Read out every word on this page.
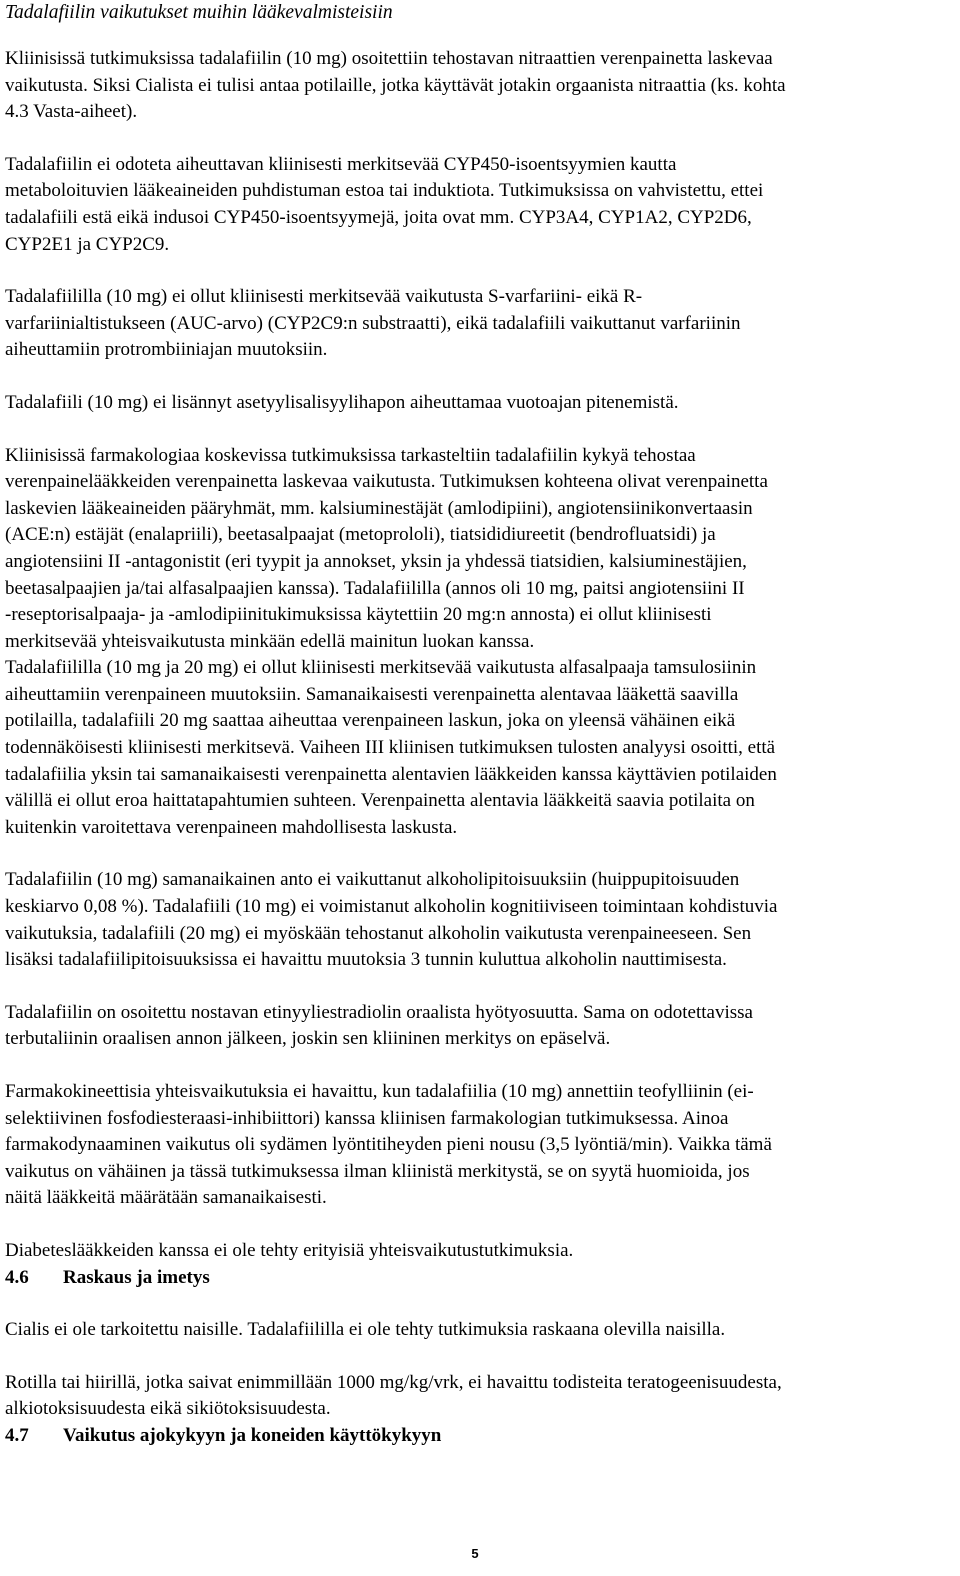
Tadalafiilin vaikutukset muihin lääkevalmisteisiin

Kliinisissä tutkimuksissa tadalafiilin (10 mg) osoitettiin tehostavan nitraattien verenpainetta laskevaa
vaikutusta. Siksi Cialista ei tulisi antaa potilaille, jotka käyttävät jotakin orgaanista nitraattia (ks. kohta
4.3 Vasta-aiheet).

Tadalafiilin ei odoteta aiheuttavan kliinisesti merkitsevää CYP450-isoentsyymien kautta
metaboloituvien lääkeaineiden puhdistuman estoa tai induktiota. Tutkimuksissa on vahvistettu, ettei
tadalafiili estä eikä indusoi CYP450-isoentsyymejä, joita ovat mm. CYP3A4, CYP1A2, CYP2D6,
CYP2E1 ja CYP2C9.

Tadalafiililla (10 mg) ei ollut kliinisesti merkitsevää vaikutusta S-varfariini- eikä R-
varfariinialtistukseen (AUC-arvo) (CYP2C9:n substraatti), eikä tadalafiili vaikuttanut varfariinin
aiheuttamiin protrombiiniajan muutoksiin.

Tadalafiili (10 mg) ei lisännyt asetyylisalisyylihapon aiheuttamaa vuotoajan pitenemistä.

Kliinisissä farmakologiaa koskevissa tutkimuksissa tarkasteltiin tadalafiilin kykyä tehostaa
verenpainelääkkeiden verenpainetta laskevaa vaikutusta. Tutkimuksen kohteena olivat verenpainetta
laskevien lääkeaineiden pääryhmät, mm. kalsiuminestäjät (amlodipiini), angiotensiinikonvertaasin
(ACE:n) estäjät (enalapriili), beetasalpaajat (metoprololi), tiatsididiureetit (bendrofluatsidi) ja
angiotensiini II -antagonistit (eri tyypit ja annokset, yksin ja yhdessä tiatsidien, kalsiuminestäjien,
beetasalpaajien ja/tai alfasalpaajien kanssa). Tadalafiililla (annos oli 10 mg, paitsi angiotensiini II
-reseptorisalpaaja- ja -amlodipiinitukimuksissa käytettiin 20 mg:n annosta) ei ollut kliinisesti
merkitsevää yhteisvaikutusta minkään edellä mainitun luokan kanssa.

Tadalafiililla (10 mg ja 20 mg) ei ollut kliinisesti merkitsevää vaikutusta alfasalpaaja tamsulosiinin
aiheuttamiin verenpaineen muutoksiin. Samanaikaisesti verenpainetta alentavaa lääkettä saavilla
potilailla, tadalafiili 20 mg saattaa aiheuttaa verenpaineen laskun, joka on yleensä vähäinen eikä
todennäköisesti kliinisesti merkitsevä. Vaiheen III kliinisen tutkimuksen tulosten analyysi osoitti, että
tadalafiilia yksin tai samanaikaisesti verenpainetta alentavien lääkkeiden kanssa käyttävien potilaiden
välillä ei ollut eroa haittatapahtumien suhteen. Verenpainetta alentavia lääkkeitä saavia potilaita on
kuitenkin varoitettava verenpaineen mahdollisesta laskusta.

Tadalafiilin (10 mg) samanaikainen anto ei vaikuttanut alkoholipitoisuuksiin (huippupitoisuuden
keskiarvo 0,08 %). Tadalafiili (10 mg) ei voimistanut alkoholin kognitiiviseen toimintaan kohdistuvia
vaikutuksia, tadalafiili (20 mg) ei myöskään tehostanut alkoholin vaikutusta verenpaineeseen. Sen
lisäksi tadalafiilipitoisuuksissa ei havaittu muutoksia 3 tunnin kuluttua alkoholin nauttimisesta.

Tadalafiilin on osoitettu nostavan etinyyliestradiolin oraalista hyötyosuutta. Sama on odotettavissa
terbutaliinin oraalisen annon jälkeen, joskin sen kliininen merkitys on epäselvä.

Farmakokineettisia yhteisvaikutuksia ei havaittu, kun tadalafiilia (10 mg) annettiin teofylliinin (ei-
selektiivinen fosfodiesteraasi-inhibiittori) kanssa kliinisen farmakologian tutkimuksessa. Ainoa
farmakodynaaminen vaikutus oli sydämen lyöntitiheyden pieni nousu (3,5 lyöntiä/min). Vaikka tämä
vaikutus on vähäinen ja tässä tutkimuksessa ilman kliinistä merkitystä, se on syytä huomioida, jos
näitä lääkkeitä määrätään samanaikaisesti.

Diabeteslääkkeiden kanssa ei ole tehty erityisiä yhteisvaikutustutkimuksia.

4.6 Raskaus ja imetys

Cialis ei ole tarkoitettu naisille. Tadalafiililla ei ole tehty tutkimuksia raskaana olevilla naisilla.

Rotilla tai hiirillä, jotka saivat enimmillään 1000 mg/kg/vrk, ei havaittu todisteita teratogeenisuudesta,
alkiotoksisuudesta eikä sikiötoksisuudesta.

4.7 Vaikutus ajokykyyn ja koneiden käyttökykyyn
5
